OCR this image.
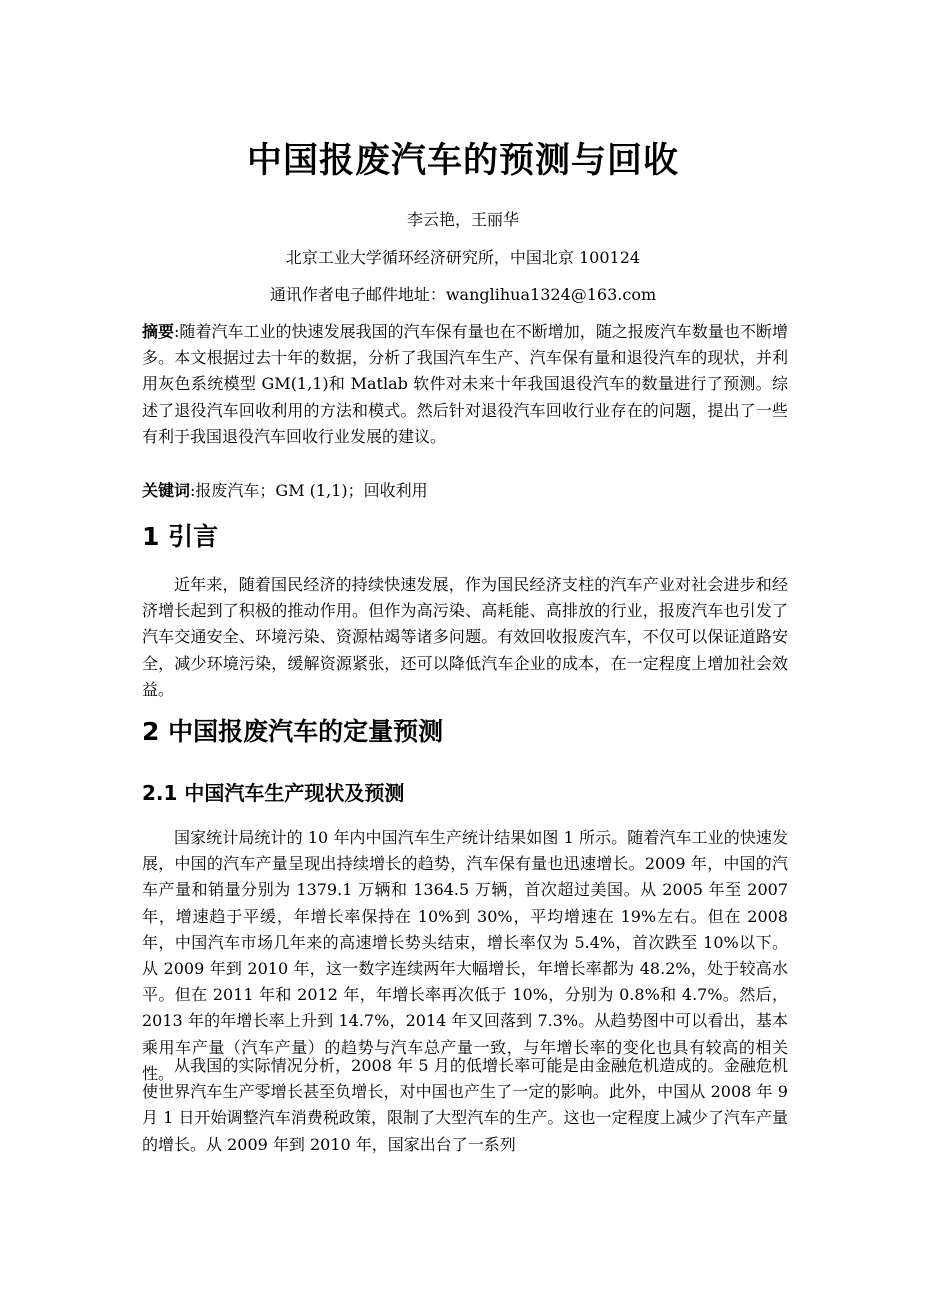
中国报废汽车的预测与回收
李云艳，王丽华
北京工业大学循环经济研究所，中国北京 100124
通讯作者电子邮件地址：wanglihua1324@163.com
摘要:随着汽车工业的快速发展我国的汽车保有量也在不断增加，随之报废汽车数量也不断增多。本文根据过去十年的数据，分析了我国汽车生产、汽车保有量和退役汽车的现状，并利用灰色系统模型 GM(1,1)和 Matlab 软件对未来十年我国退役汽车的数量进行了预测。综述了退役汽车回收利用的方法和模式。然后针对退役汽车回收行业存在的问题，提出了一些有利于我国退役汽车回收行业发展的建议。
关键词:报废汽车；GM (1,1)；回收利用
1 引言
近年来，随着国民经济的持续快速发展，作为国民经济支柱的汽车产业对社会进步和经济增长起到了积极的推动作用。但作为高污染、高耗能、高排放的行业，报废汽车也引发了汽车交通安全、环境污染、资源枯竭等诸多问题。有效回收报废汽车，不仅可以保证道路安全，减少环境污染，缓解资源紧张，还可以降低汽车企业的成本，在一定程度上增加社会效益。
2 中国报废汽车的定量预测
2.1 中国汽车生产现状及预测
国家统计局统计的 10 年内中国汽车生产统计结果如图 1 所示。随着汽车工业的快速发展，中国的汽车产量呈现出持续增长的趋势，汽车保有量也迅速增长。2009 年，中国的汽车产量和销量分别为 1379.1 万辆和 1364.5 万辆，首次超过美国。从 2005 年至 2007 年，增速趋于平缓，年增长率保持在 10%到 30%，平均增速在 19%左右。但在 2008 年，中国汽车市场几年来的高速增长势头结束，增长率仅为 5.4%，首次跌至 10%以下。从 2009 年到 2010 年，这一数字连续两年大幅增长，年增长率都为 48.2%，处于较高水平。但在 2011 年和 2012 年，年增长率再次低于 10%，分别为 0.8%和 4.7%。然后，2013 年的年增长率上升到 14.7%，2014 年又回落到 7.3%。从趋势图中可以看出，基本乘用车产量（汽车产量）的趋势与汽车总产量一致，与年增长率的变化也具有较高的相关性。 从我国的实际情况分析，2008 年 5 月的低增长率可能是由金融危机造成的。金融危机使世界汽车生产零增长甚至负增长，对中国也产生了一定的影响。此外，中国从 2008 年 9 月 1 日开始调整汽车消费税政策，限制了大型汽车的生产。这也一定程度上减少了汽车产量的增长。从 2009 年到 2010 年，国家出台了一系列
